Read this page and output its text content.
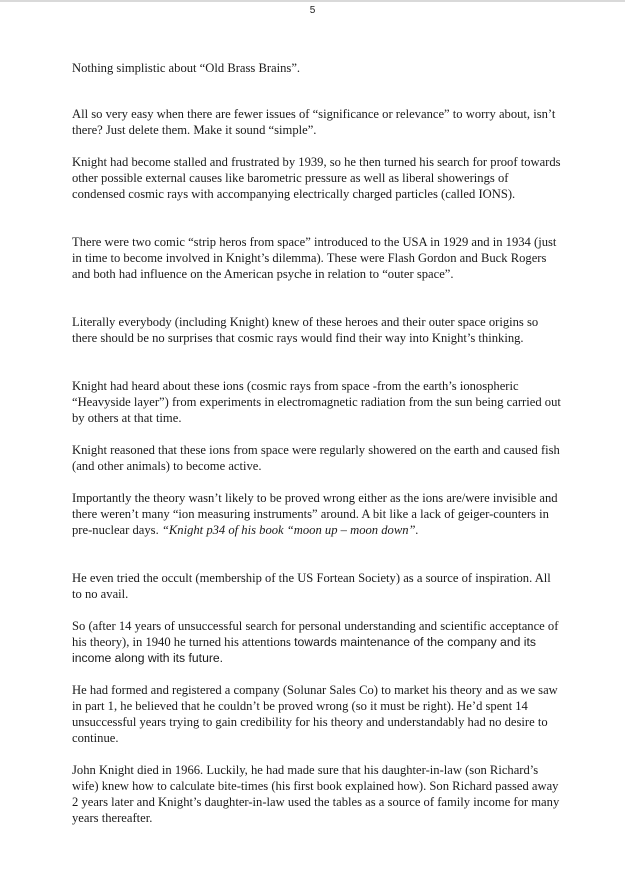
5

Nothing simplistic about “Old Brass Brains”.

All so very easy when there are fewer issues of “significance or relevance” to worry about, isn’t there? Just delete them. Make it sound “simple”.

Knight had become stalled and frustrated by 1939, so he then turned his search for proof towards other possible external causes like barometric pressure as well as liberal showerings of condensed cosmic rays with accompanying electrically charged particles (called IONS).

There were two comic “strip heros from space” introduced to the USA in 1929 and in 1934 (just in time to become involved in Knight’s dilemma). These were Flash Gordon and Buck Rogers and both had influence on the American psyche in relation to “outer space”.

Literally everybody (including Knight) knew of these heroes and their outer space origins so there should be no surprises that cosmic rays would find their way into Knight’s thinking.

Knight had heard about these ions (cosmic rays from space -from the earth’s ionospheric “Heavyside layer”) from experiments in electromagnetic radiation from the sun being carried out by others at that time.

Knight reasoned that these ions from space were regularly showered on the earth and caused fish (and other animals) to become active.

Importantly the theory wasn’t likely to be proved wrong either as the ions are/were invisible and there weren’t many “ion measuring instruments” around. A bit like a lack of geiger-counters in pre-nuclear days. “Knight p34 of his book “moon up – moon down”.

He even tried the occult (membership of the US Fortean Society) as a source of inspiration. All to no avail.

So (after 14 years of unsuccessful search for personal understanding and scientific acceptance of his theory), in 1940 he turned his attentions towards maintenance of the company and its income along with its future.

He had formed and registered a company (Solunar Sales Co) to market his theory and as we saw in part 1, he believed that he couldn’t be proved wrong (so it must be right). He’d spent 14 unsuccessful years trying to gain credibility for his theory and understandably had no desire to continue.

John Knight died in 1966. Luckily, he had made sure that his daughter-in-law (son Richard’s wife) knew how to calculate bite-times (his first book explained how). Son Richard passed away 2 years later and Knight’s daughter-in-law used the tables as a source of family income for many years thereafter.
